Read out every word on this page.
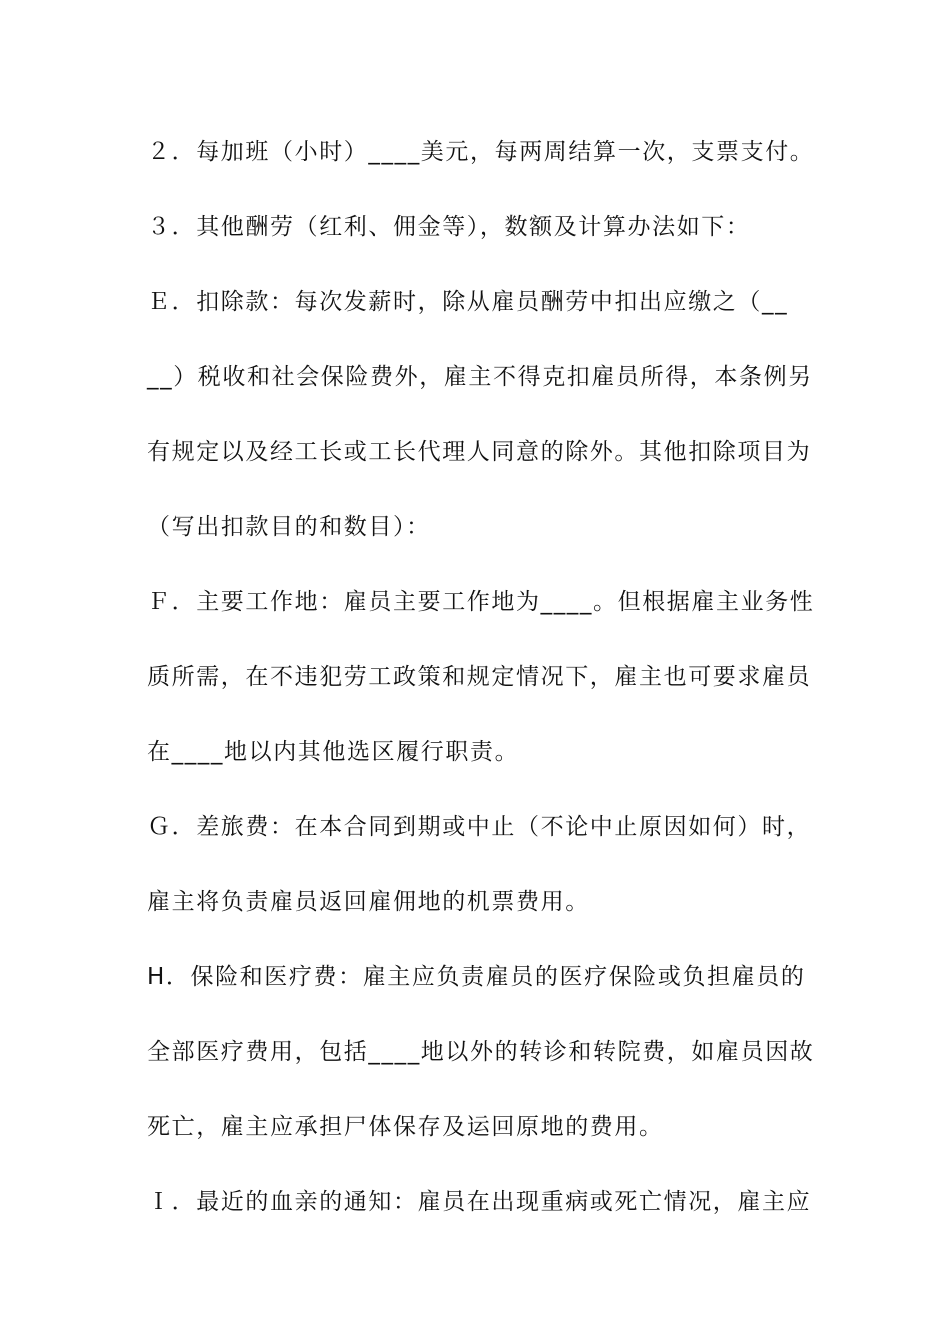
２．每加班（小时）____美元，每两周结算一次，支票支付。
３．其他酬劳（红利、佣金等），数额及计算办法如下：
Ｅ．扣除款：每次发薪时，除从雇员酬劳中扣出应缴之（__
__）税收和社会保险费外，雇主不得克扣雇员所得，本条例另
有规定以及经工长或工长代理人同意的除外。其他扣除项目为
（写出扣款目的和数目）：
Ｆ．主要工作地：雇员主要工作地为____。但根据雇主业务性
质所需，在不违犯劳工政策和规定情况下，雇主也可要求雇员
在____地以内其他选区履行职责。
Ｇ．差旅费：在本合同到期或中止（不论中止原因如何）时，
雇主将负责雇员返回雇佣地的机票费用。
H．保险和医疗费：雇主应负责雇员的医疗保险或负担雇员的
全部医疗费用，包括____地以外的转诊和转院费，如雇员因故
死亡，雇主应承担尸体保存及运回原地的费用。
Ｉ．最近的血亲的通知：雇员在出现重病或死亡情况，雇主应
